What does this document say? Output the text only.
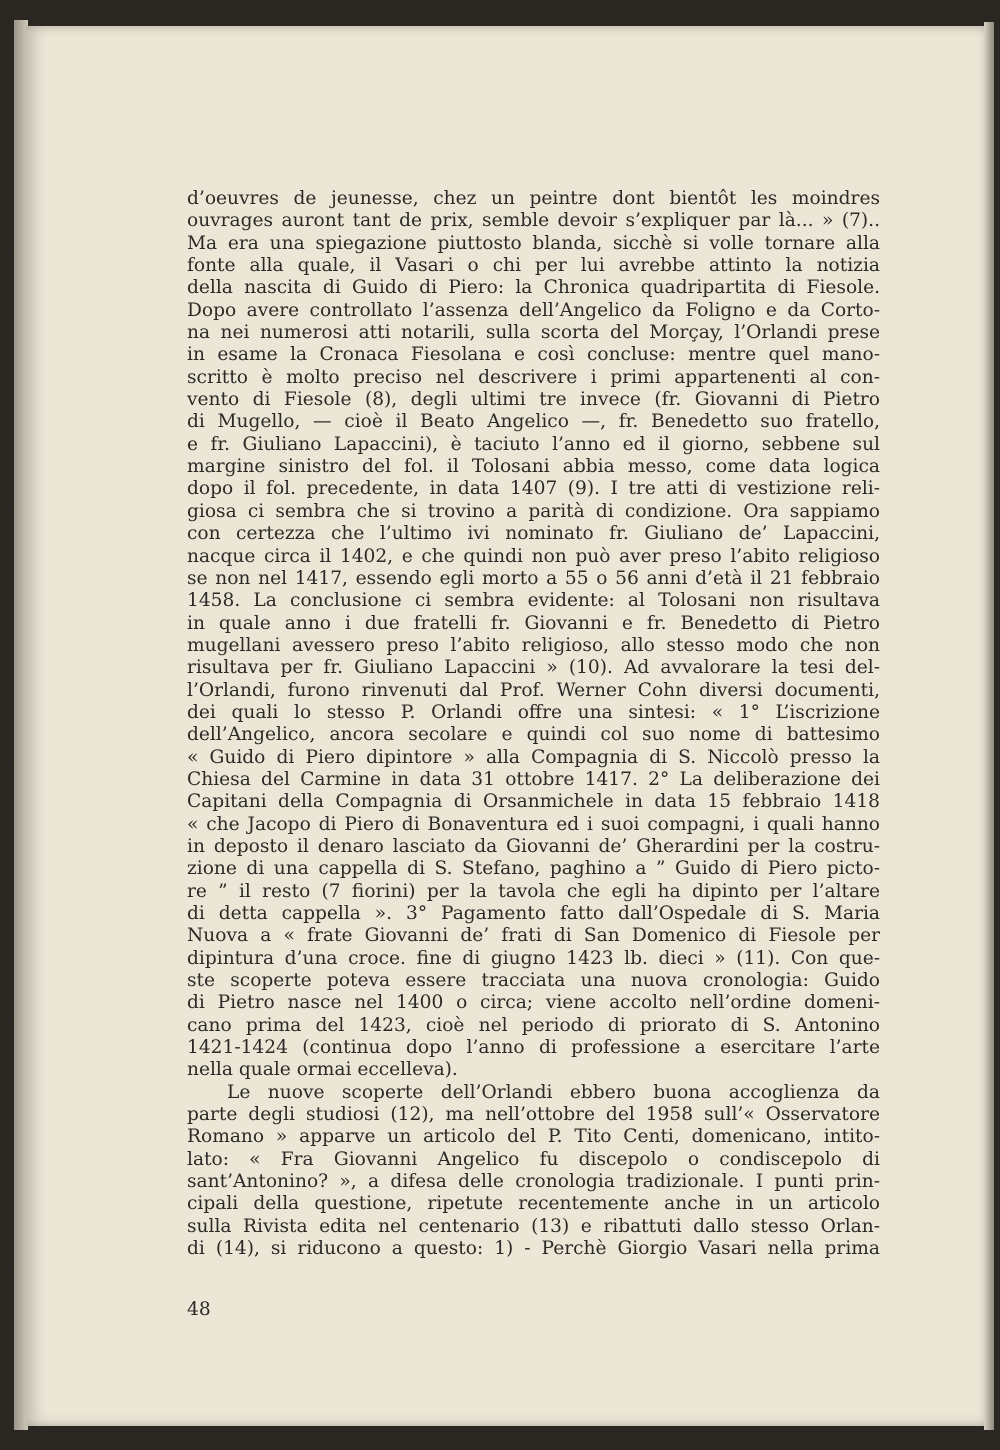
d’oeuvres de jeunesse, chez un peintre dont bientôt les moindres
ouvrages auront tant de prix, semble devoir s’expliquer par là... » (7)..
Ma era una spiegazione piuttosto blanda, sicchè si volle tornare alla
fonte alla quale, il Vasari o chi per lui avrebbe attinto la notizia
della nascita di Guido di Piero: la Chronica quadripartita di Fiesole.
Dopo avere controllato l’assenza dell’Angelico da Foligno e da Corto-
na nei numerosi atti notarili, sulla scorta del Morçay, l’Orlandi prese
in esame la Cronaca Fiesolana e così concluse: mentre quel mano-
scritto è molto preciso nel descrivere i primi appartenenti al con-
vento di Fiesole (8), degli ultimi tre invece (fr. Giovanni di Pietro
di Mugello, — cioè il Beato Angelico —, fr. Benedetto suo fratello,
e fr. Giuliano Lapaccini), è taciuto l’anno ed il giorno, sebbene sul
margine sinistro del fol. il Tolosani abbia messo, come data logica
dopo il fol. precedente, in data 1407 (9). I tre atti di vestizione reli-
giosa ci sembra che si trovino a parità di condizione. Ora sappiamo
con certezza che l’ultimo ivi nominato fr. Giuliano de’ Lapaccini,
nacque circa il 1402, e che quindi non può aver preso l’abito religioso
se non nel 1417, essendo egli morto a 55 o 56 anni d’età il 21 febbraio
1458. La conclusione ci sembra evidente: al Tolosani non risultava
in quale anno i due fratelli fr. Giovanni e fr. Benedetto di Pietro
mugellani avessero preso l’abito religioso, allo stesso modo che non
risultava per fr. Giuliano Lapaccini » (10). Ad avvalorare la tesi del-
l’Orlandi, furono rinvenuti dal Prof. Werner Cohn diversi documenti,
dei quali lo stesso P. Orlandi offre una sintesi: « 1° L’iscrizione
dell’Angelico, ancora secolare e quindi col suo nome di battesimo
« Guido di Piero dipintore » alla Compagnia di S. Niccolò presso la
Chiesa del Carmine in data 31 ottobre 1417. 2° La deliberazione dei
Capitani della Compagnia di Orsanmichele in data 15 febbraio 1418
« che Jacopo di Piero di Bonaventura ed i suoi compagni, i quali hanno
in deposto il denaro lasciato da Giovanni de’ Gherardini per la costru-
zione di una cappella di S. Stefano, paghino a ” Guido di Piero picto-
re ” il resto (7 fiorini) per la tavola che egli ha dipinto per l’altare
di detta cappella ». 3° Pagamento fatto dall’Ospedale di S. Maria
Nuova a « frate Giovanni de’ frati di San Domenico di Fiesole per
dipintura d’una croce. fine di giugno 1423 lb. dieci » (11). Con que-
ste scoperte poteva essere tracciata una nuova cronologia: Guido
di Pietro nasce nel 1400 o circa; viene accolto nell’ordine domeni-
cano prima del 1423, cioè nel periodo di priorato di S. Antonino
1421-1424 (continua dopo l’anno di professione a esercitare l’arte
nella quale ormai eccelleva).
Le nuove scoperte dell’Orlandi ebbero buona accoglienza da
parte degli studiosi (12), ma nell’ottobre del 1958 sull’« Osservatore
Romano » apparve un articolo del P. Tito Centi, domenicano, intito-
lato: « Fra Giovanni Angelico fu discepolo o condiscepolo di
sant’Antonino? », a difesa delle cronologia tradizionale. I punti prin-
cipali della questione, ripetute recentemente anche in un articolo
sulla Rivista edita nel centenario (13) e ribattuti dallo stesso Orlan-
di (14), si riducono a questo: 1) - Perchè Giorgio Vasari nella prima
48
